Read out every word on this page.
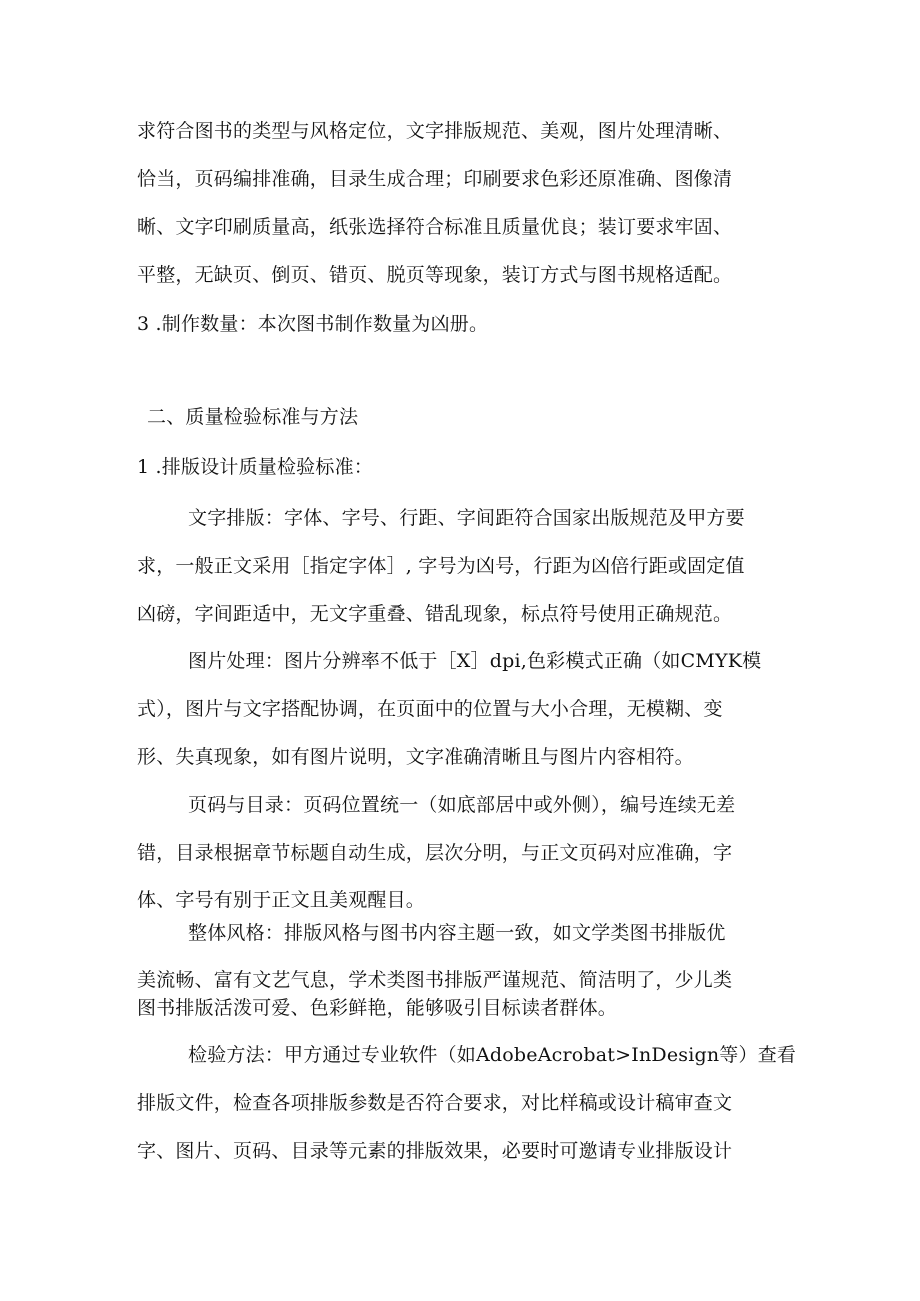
求符合图书的类型与风格定位，文字排版规范、美观，图片处理清晰、
恰当，页码编排准确，目录生成合理；印刷要求色彩还原准确、图像清
晰、文字印刷质量高，纸张选择符合标准且质量优良；装订要求牢固、
平整，无缺页、倒页、错页、脱页等现象，装订方式与图书规格适配。
3 .制作数量：本次图书制作数量为凶册。
二、质量检验标准与方法
1 .排版设计质量检验标准：
文字排版：字体、字号、行距、字间距符合国家出版规范及甲方要
求，一般正文采用［指定字体］, 字号为凶号，行距为凶倍行距或固定值
凶磅，字间距适中，无文字重叠、错乱现象，标点符号使用正确规范。
图片处理：图片分辨率不低于［X］dpi,色彩模式正确（如CMYK模
式），图片与文字搭配协调，在页面中的位置与大小合理，无模糊、变
形、失真现象，如有图片说明，文字准确清晰且与图片内容相符。
页码与目录：页码位置统一（如底部居中或外侧），编号连续无差
错，目录根据章节标题自动生成，层次分明，与正文页码对应准确，字
体、字号有别于正文且美观醒目。
整体风格：排版风格与图书内容主题一致，如文学类图书排版优
美流畅、富有文艺气息，学术类图书排版严谨规范、简洁明了，少儿类
图书排版活泼可爱、色彩鲜艳，能够吸引目标读者群体。
检验方法：甲方通过专业软件（如AdobeAcrobat>InDesign等）查看
排版文件，检查各项排版参数是否符合要求，对比样稿或设计稿审查文
字、图片、页码、目录等元素的排版效果，必要时可邀请专业排版设计
